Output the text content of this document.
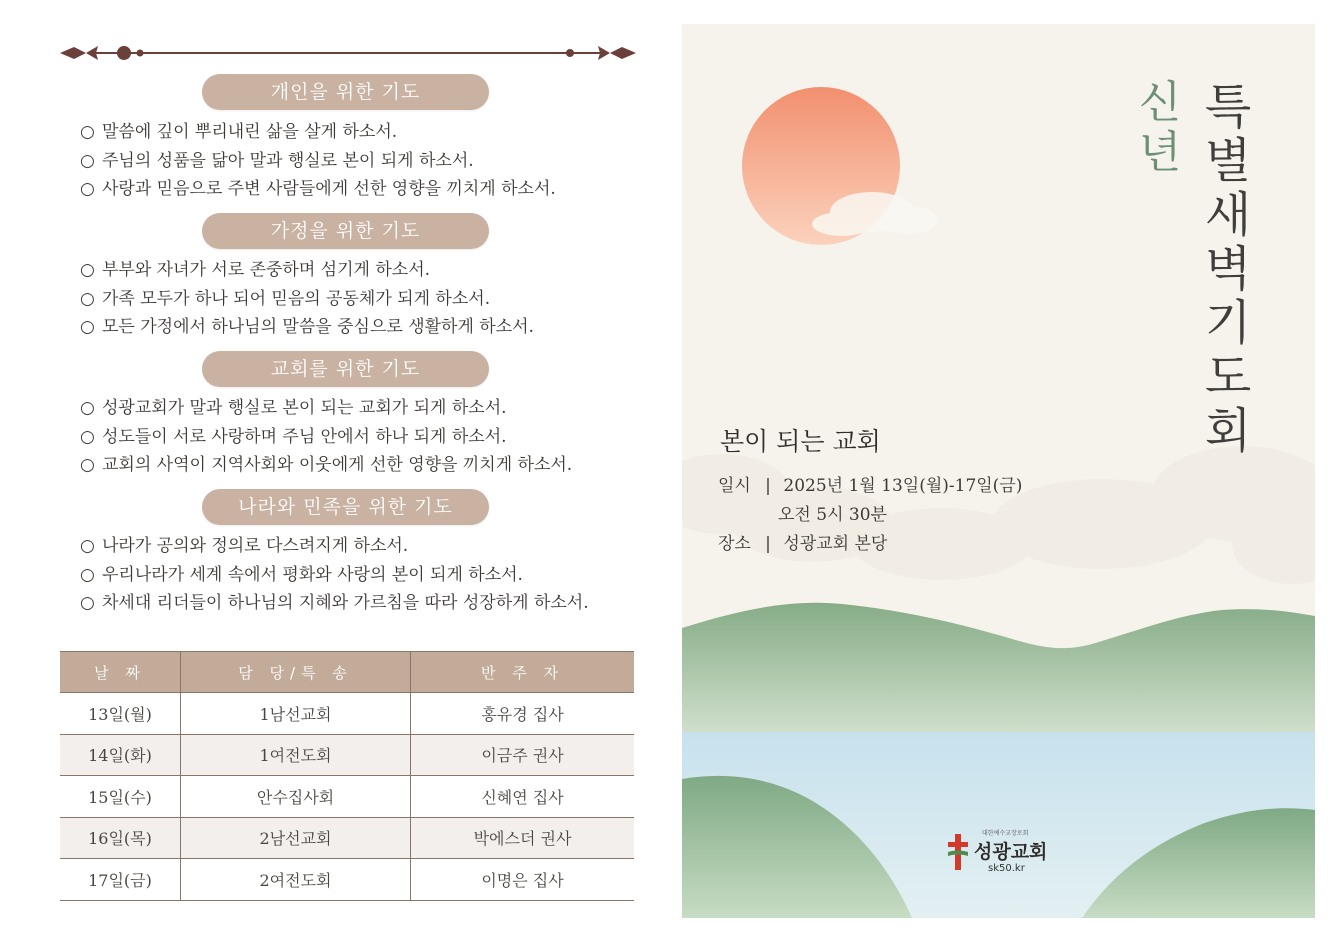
개인을 위한 기도
○ 말씀에 깊이 뿌리내린 삶을 살게 하소서.
○ 주님의 성품을 닮아 말과 행실로 본이 되게 하소서.
○ 사랑과 믿음으로 주변 사람들에게 선한 영향을 끼치게 하소서.
가정을 위한 기도
○ 부부와 자녀가 서로 존중하며 섬기게 하소서.
○ 가족 모두가 하나 되어 믿음의 공동체가 되게 하소서.
○ 모든 가정에서 하나님의 말씀을 중심으로 생활하게 하소서.
교회를 위한 기도
○ 성광교회가 말과 행실로 본이 되는 교회가 되게 하소서.
○ 성도들이 서로 사랑하며 주님 안에서 하나 되게 하소서.
○ 교회의 사역이 지역사회와 이웃에게 선한 영향을 끼치게 하소서.
나라와 민족을 위한 기도
○ 나라가 공의와 정의로 다스려지게 하소서.
○ 우리나라가 세계 속에서 평화와 사랑의 본이 되게 하소서.
○ 차세대 리더들이 하나님의 지혜와 가르침을 따라 성장하게 하소서.
날 짜	담 당/특 송	반 주 자
13일(월)	1남선교회	홍유경 집사
14일(화)	1여전도회	이금주 권사
15일(수)	안수집사회	신혜연 집사
16일(목)	2남선교회	박에스더 권사
17일(금)	2여전도회	이명은 집사
신
년
특
별
새
벽
기
도
회
본이 되는 교회
일시 | 2025년 1월 13일(월)-17일(금)
오전 5시 30분
장소 | 성광교회 본당
대한예수교장로회
성광교회
sk50.kr
